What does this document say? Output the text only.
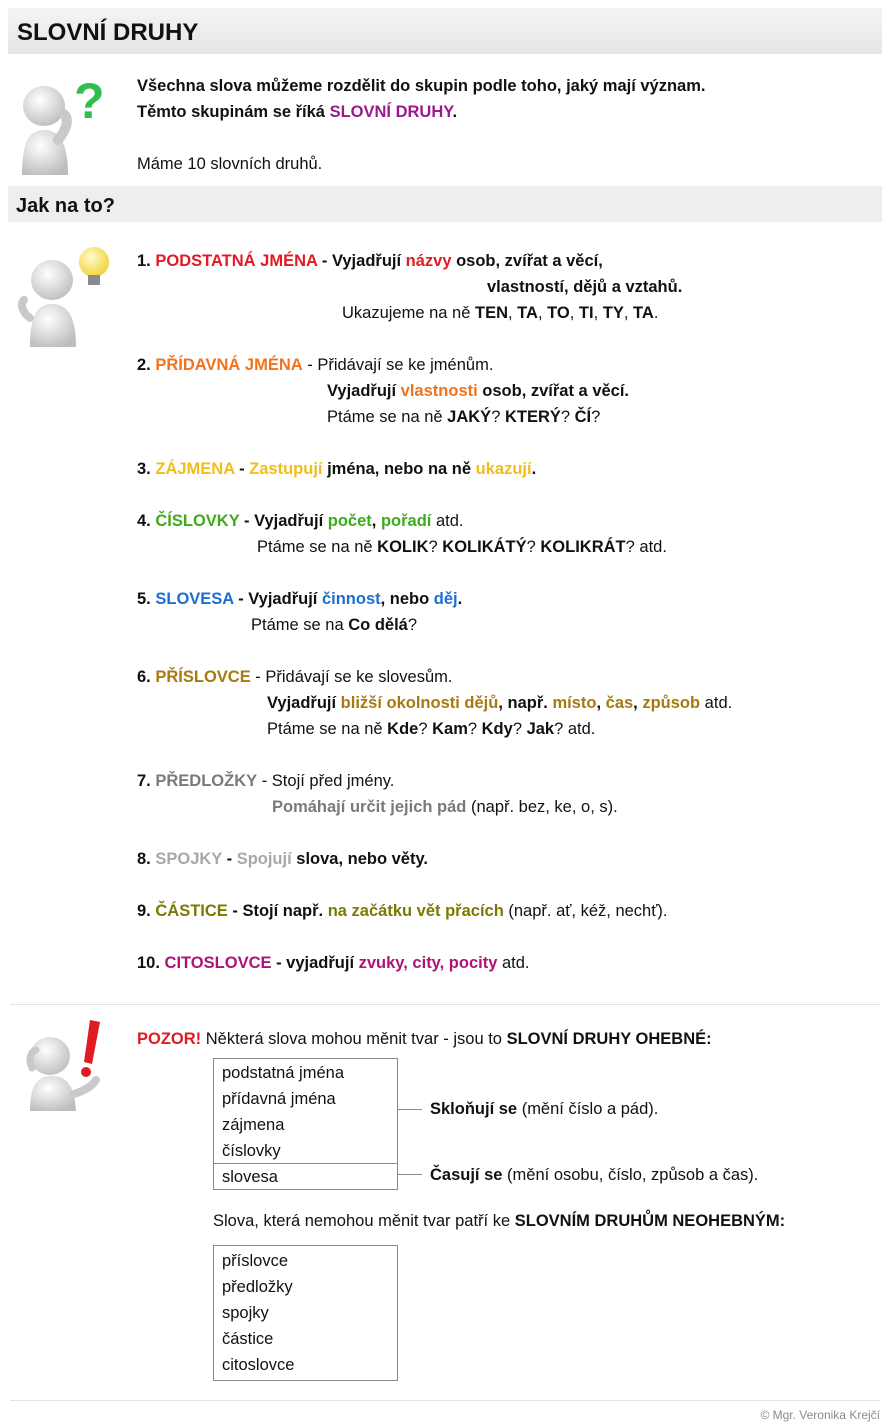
SLOVNÍ DRUHY
? Všechna slova můžeme rozdělit do skupin podle toho, jaký mají význam.
Těmto skupinám se říká SLOVNÍ DRUHY.
Máme 10 slovních druhů.
Jak na to?
1. PODSTATNÁ JMÉNA - Vyjadřují názvy osob, zvířat a věcí,
vlastností, dějů a vztahů.
Ukazujeme na ně TEN, TA, TO, TI, TY, TA.
2. PŘÍDAVNÁ JMÉNA - Přidávají se ke jménům.
Vyjadřují vlastnosti osob, zvířat a věcí.
Ptáme se na ně JAKÝ? KTERÝ? ČÍ?
3. ZÁJMENA - Zastupují jména, nebo na ně ukazují.
4. ČÍSLOVKY - Vyjadřují počet, pořadí atd.
Ptáme se na ně KOLIK? KOLIKÁTÝ? KOLIKRÁT? atd.
5. SLOVESA - Vyjadřují činnost, nebo děj.
Ptáme se na Co dělá?
6. PŘÍSLOVCE - Přidávají se ke slovesům.
Vyjadřují bližší okolnosti dějů, např. místo, čas, způsob atd.
Ptáme se na ně Kde? Kam? Kdy? Jak? atd.
7. PŘEDLOŽKY - Stojí před jmény.
Pomáhají určit jejich pád (např. bez, ke, o, s).
8. SPOJKY - Spojují slova, nebo věty.
9. ČÁSTICE - Stojí např. na začátku vět přacích (např. ať, kéž, nechť).
10. CITOSLOVCE - vyjadřují zvuky, city, pocity atd.
POZOR! Některá slova mohou měnit tvar - jsou to SLOVNÍ DRUHY OHEBNÉ:
podstatná jména
přídavná jména
zájmena
číslovky
slovesa
Skloňují se (mění číslo a pád).
Časují se (mění osobu, číslo, způsob a čas).
Slova, která nemohou měnit tvar patří ke SLOVNÍM DRUHŮM NEOHEBNÝM:
příslovce
předložky
spojky
částice
citoslovce
© Mgr. Veronika Krejčí
